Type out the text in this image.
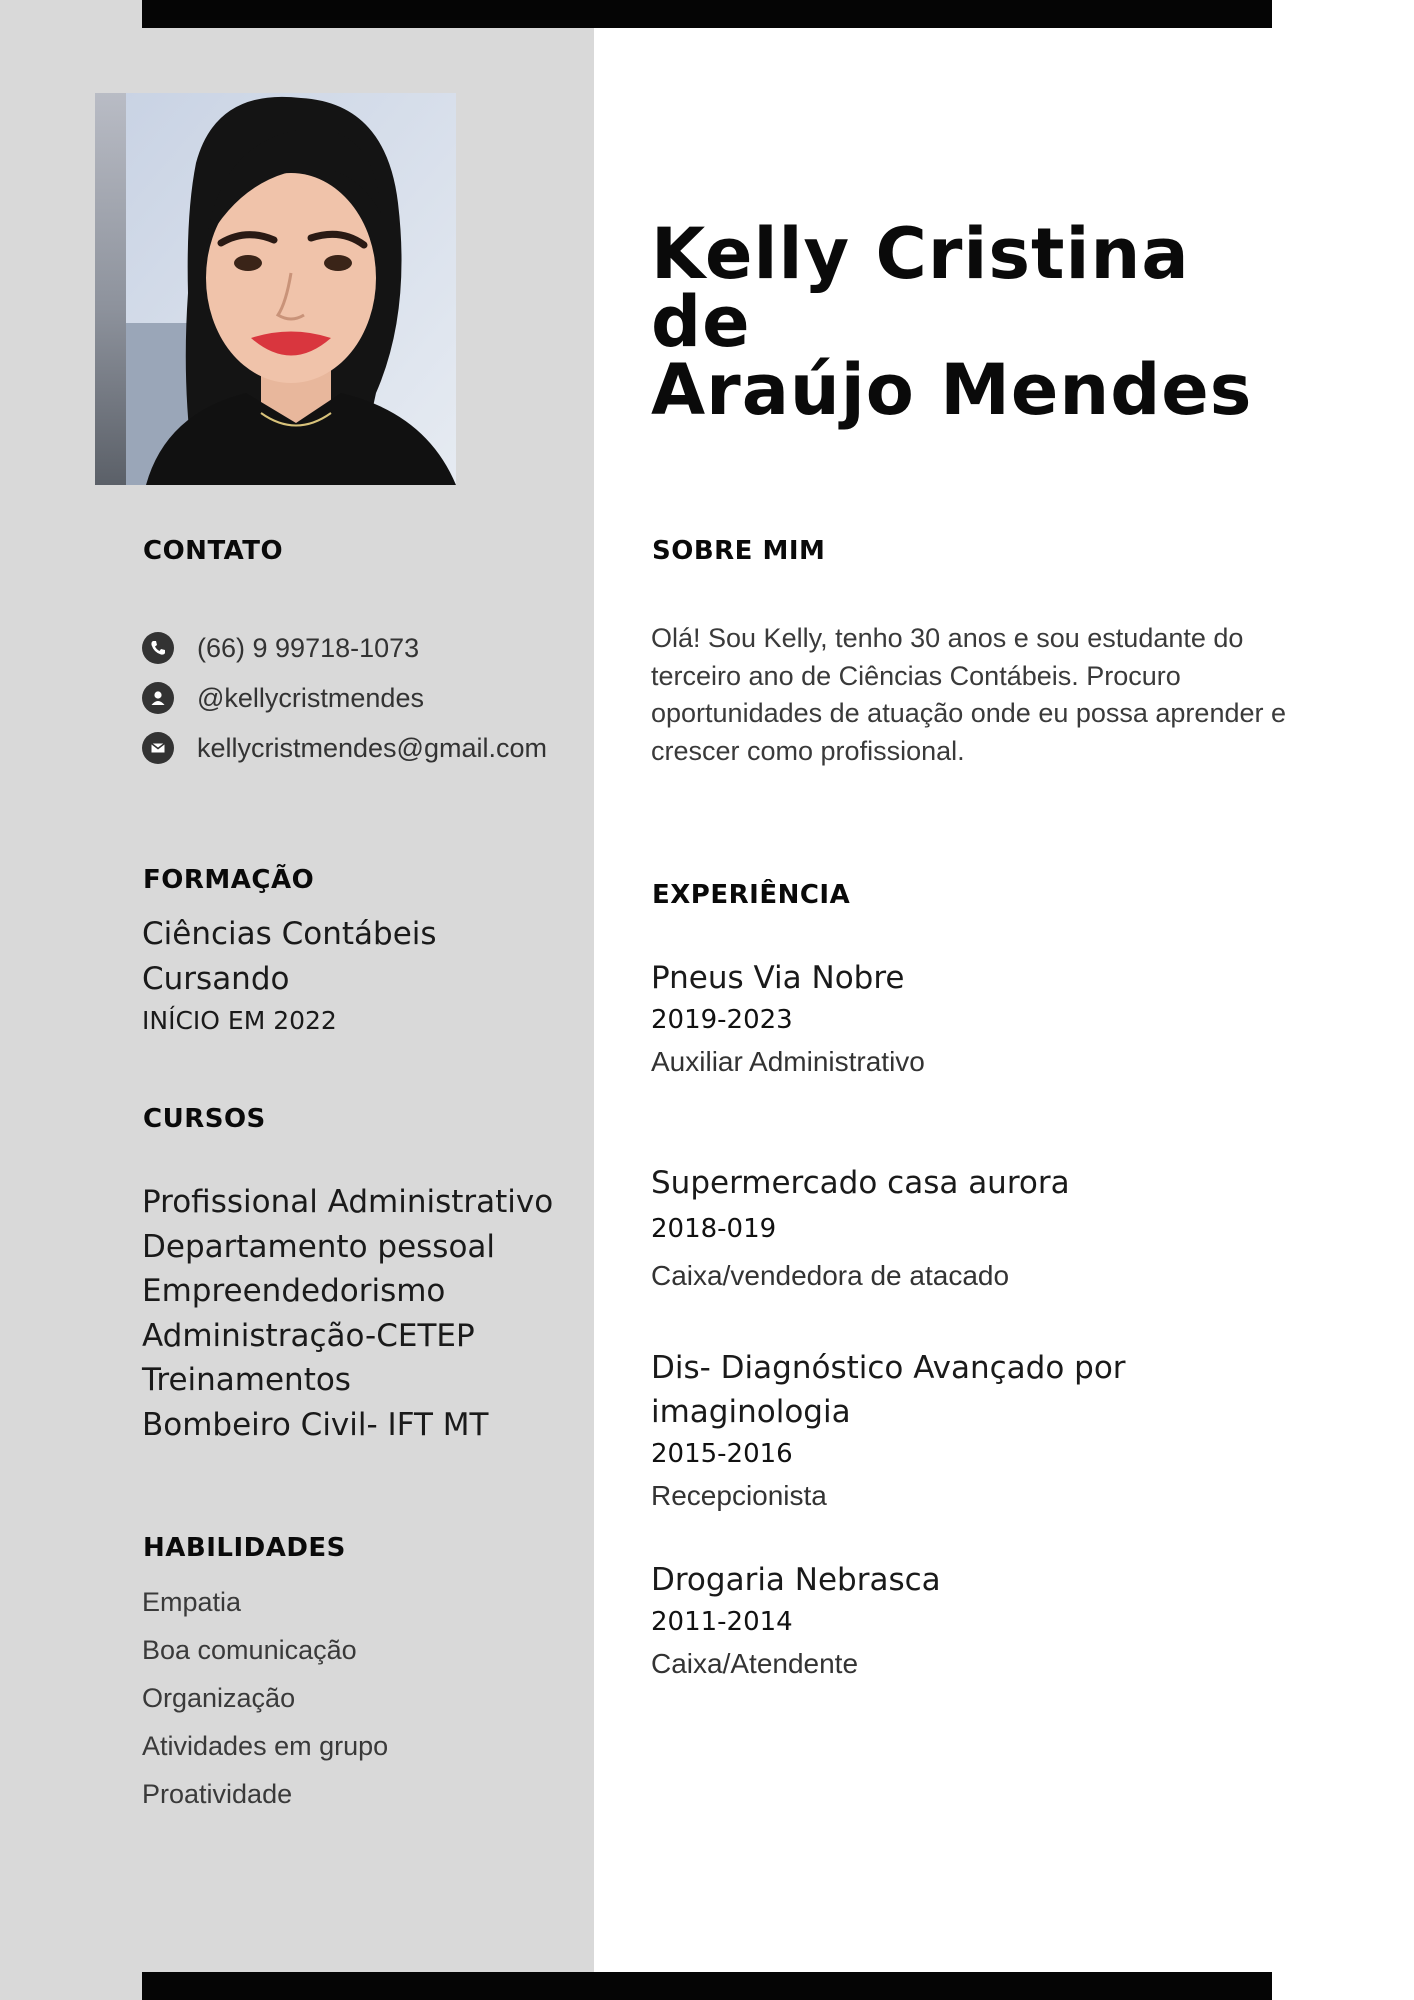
Kelly Cristina de
Araújo Mendes
CONTATO
(66) 9 99718-1073
@kellycristmendes
kellycristmendes@gmail.com
SOBRE MIM

Olá! Sou Kelly, tenho 30 anos e sou estudante do terceiro ano de Ciências Contábeis. Procuro oportunidades de atuação onde eu possa aprender e crescer como profissional.

FORMAÇÃO

Ciências Contábeis
Cursando

INÍCIO EM 2022

CURSOS
Profissional Administrativo
Departamento pessoal
Empreendedorismo
Administração-CETEP
Treinamentos
Bombeiro Civil- IFT MT
HABILIDADES
Empatia
Boa comunicação
Organização
Atividades em grupo
Proatividade
EXPERIÊNCIA

Pneus Via Nobre

2019-2023

Auxiliar Administrativo

Supermercado casa aurora

2018-019

Caixa/vendedora de atacado

Dis- Diagnóstico Avançado por imaginologia

2015-2016

Recepcionista

Drogaria Nebrasca

2011-2014

Caixa/Atendente
